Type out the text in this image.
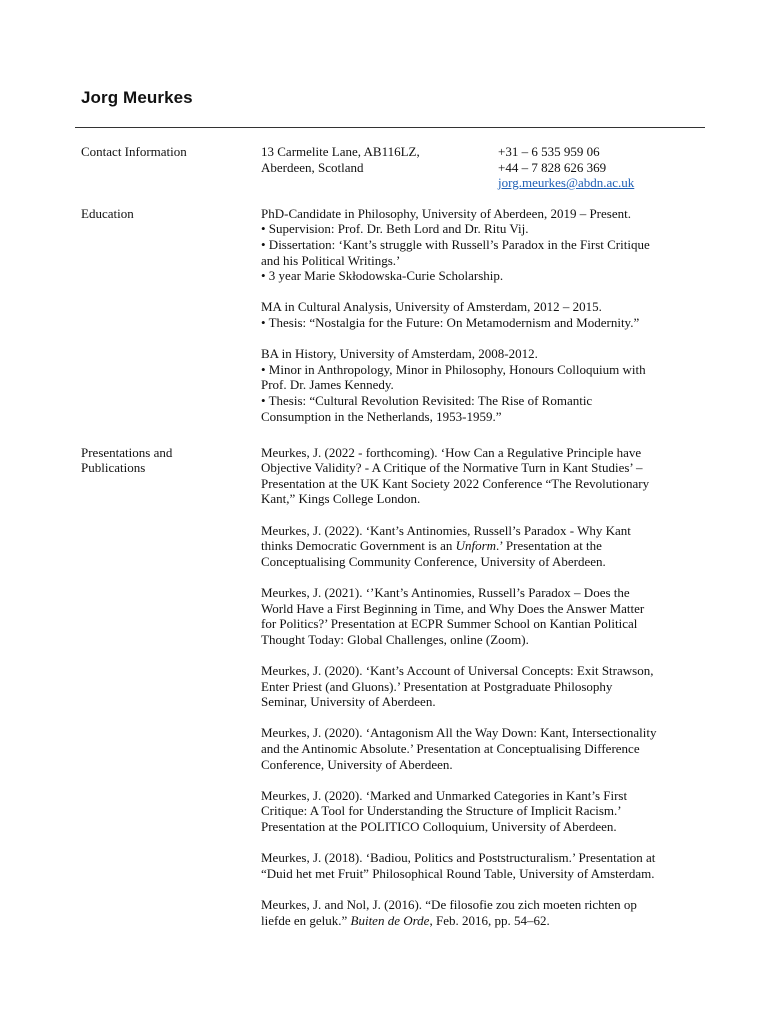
Jorg Meurkes
Contact Information	13 Carmelite Lane, AB116LZ,
Aberdeen, Scotland
+31 – 6 535 959 06
+44 – 7 828 626 369
jorg.meurkes@abdn.ac.uk
Education	PhD-Candidate in Philosophy, University of Aberdeen, 2019 – Present.
• Supervision: Prof. Dr. Beth Lord and Dr. Ritu Vij.
• Dissertation: ‘Kant’s struggle with Russell’s Paradox in the First Critique
and his Political Writings.’
• 3 year Marie Skłodowska-Curie Scholarship.
MA in Cultural Analysis, University of Amsterdam, 2012 – 2015.
• Thesis: “Nostalgia for the Future: On Metamodernism and Modernity.”
BA in History, University of Amsterdam, 2008-2012.
• Minor in Anthropology, Minor in Philosophy, Honours Colloquium with
Prof. Dr. James Kennedy.
• Thesis: “Cultural Revolution Revisited: The Rise of Romantic
Consumption in the Netherlands, 1953-1959.”
Presentations and
Publications
Meurkes, J. (2022 - forthcoming). ‘How Can a Regulative Principle have
Objective Validity? - A Critique of the Normative Turn in Kant Studies’ –
Presentation at the UK Kant Society 2022 Conference “The Revolutionary
Kant,” Kings College London.
Meurkes, J. (2022). ‘Kant’s Antinomies, Russell’s Paradox - Why Kant
thinks Democratic Government is an Unform.’ Presentation at the
Conceptualising Community Conference, University of Aberdeen.
Meurkes, J. (2021). ‘’Kant’s Antinomies, Russell’s Paradox – Does the
World Have a First Beginning in Time, and Why Does the Answer Matter
for Politics?’ Presentation at ECPR Summer School on Kantian Political
Thought Today: Global Challenges, online (Zoom).
Meurkes, J. (2020). ‘Kant’s Account of Universal Concepts: Exit Strawson,
Enter Priest (and Gluons).’ Presentation at Postgraduate Philosophy
Seminar, University of Aberdeen.
Meurkes, J. (2020). ‘Antagonism All the Way Down: Kant, Intersectionality
and the Antinomic Absolute.’ Presentation at Conceptualising Difference
Conference, University of Aberdeen.
Meurkes, J. (2020). ‘Marked and Unmarked Categories in Kant’s First
Critique: A Tool for Understanding the Structure of Implicit Racism.’
Presentation at the POLITICO Colloquium, University of Aberdeen.
Meurkes, J. (2018). ‘Badiou, Politics and Poststructuralism.’ Presentation at
“Duid het met Fruit” Philosophical Round Table, University of Amsterdam.
Meurkes, J. and Nol, J. (2016). “De filosofie zou zich moeten richten op
liefde en geluk.” Buiten de Orde, Feb. 2016, pp. 54–62.
